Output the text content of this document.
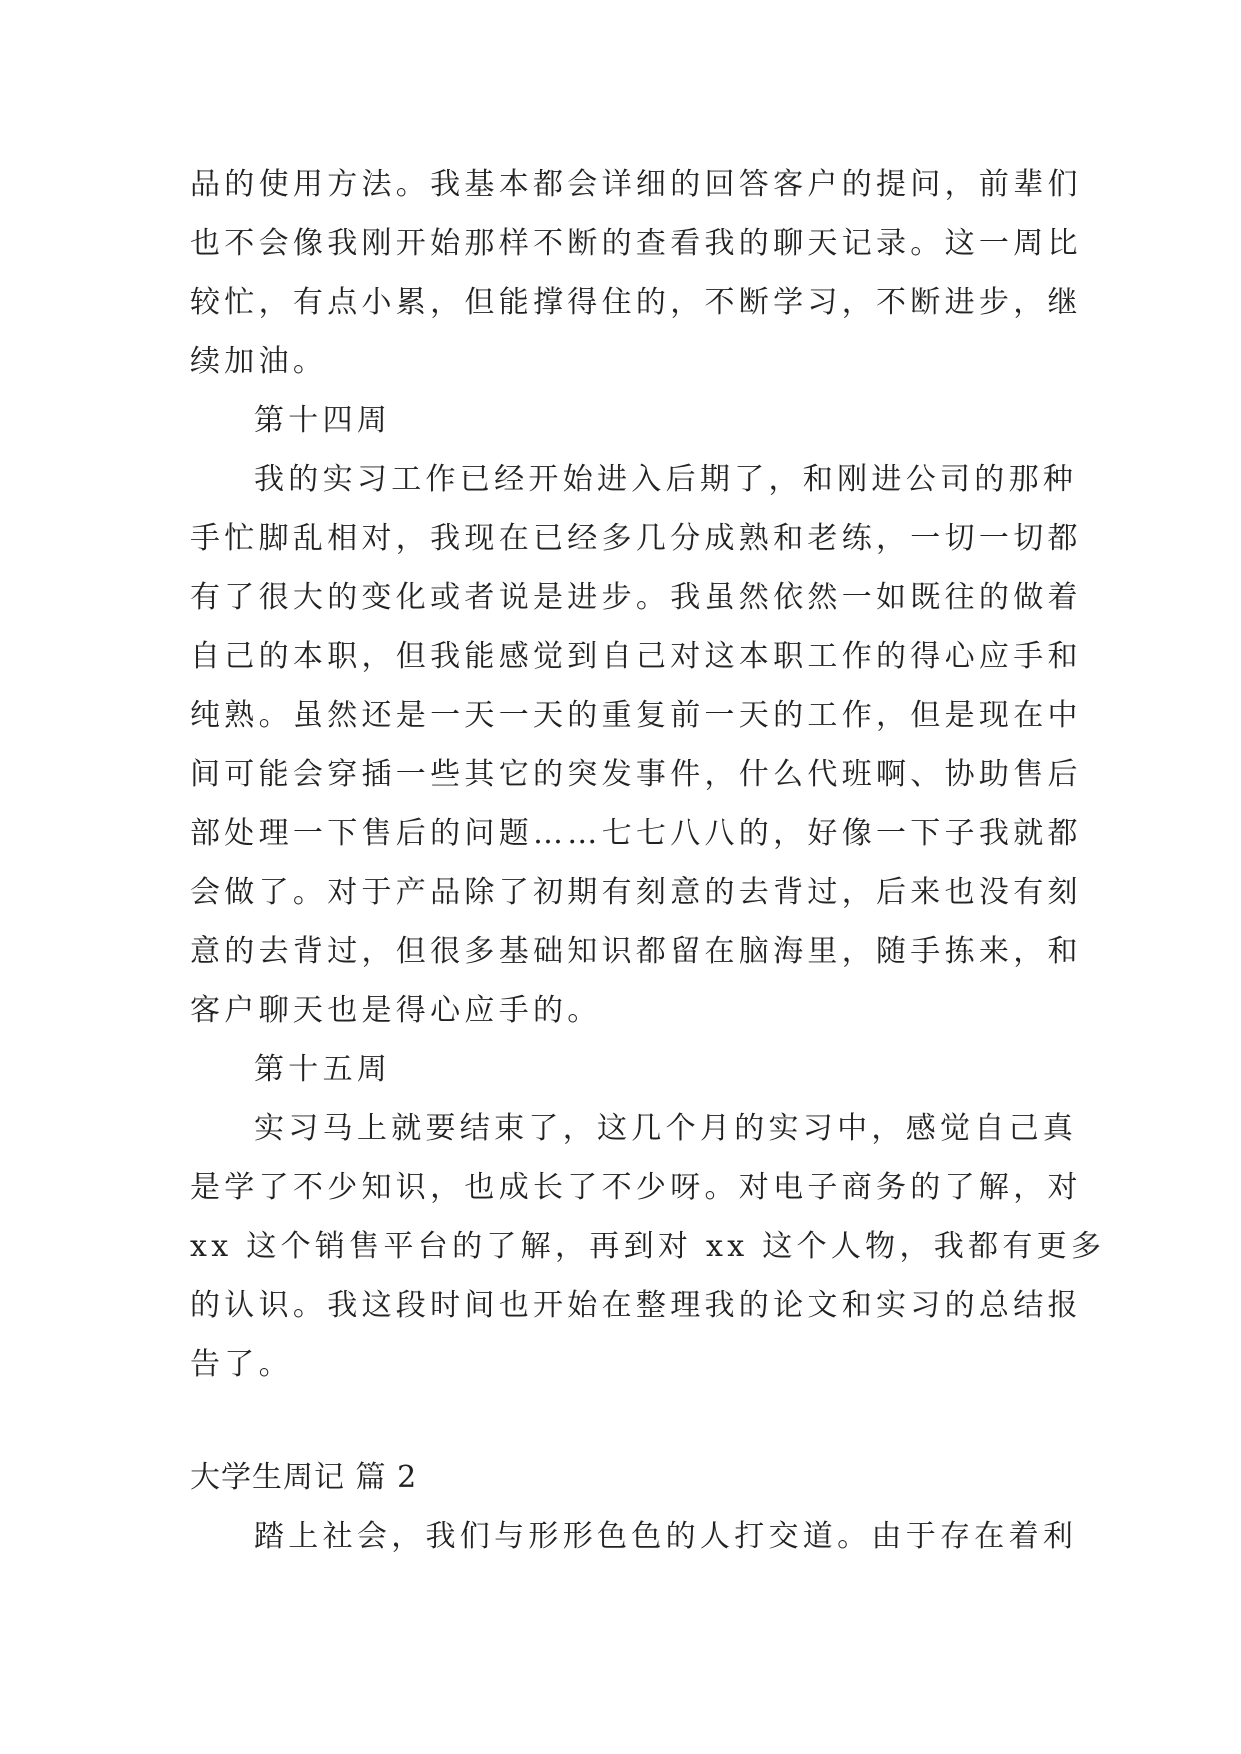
品的使用方法。我基本都会详细的回答客户的提问，前辈们
也不会像我刚开始那样不断的查看我的聊天记录。这一周比
较忙，有点小累，但能撑得住的，不断学习，不断进步，继
续加油。
第十四周
我的实习工作已经开始进入后期了，和刚进公司的那种
手忙脚乱相对，我现在已经多几分成熟和老练，一切一切都
有了很大的变化或者说是进步。我虽然依然一如既往的做着
自己的本职，但我能感觉到自己对这本职工作的得心应手和
纯熟。虽然还是一天一天的重复前一天的工作，但是现在中
间可能会穿插一些其它的突发事件，什么代班啊、协助售后
部处理一下售后的问题……七七八八的，好像一下子我就都
会做了。对于产品除了初期有刻意的去背过，后来也没有刻
意的去背过，但很多基础知识都留在脑海里，随手拣来，和
客户聊天也是得心应手的。
第十五周
实习马上就要结束了，这几个月的实习中，感觉自己真
是学了不少知识，也成长了不少呀。对电子商务的了解，对
xx 这个销售平台的了解，再到对 xx 这个人物，我都有更多
的认识。我这段时间也开始在整理我的论文和实习的总结报
告了。
大学生周记 篇 2
踏上社会，我们与形形色色的人打交道。由于存在着利
